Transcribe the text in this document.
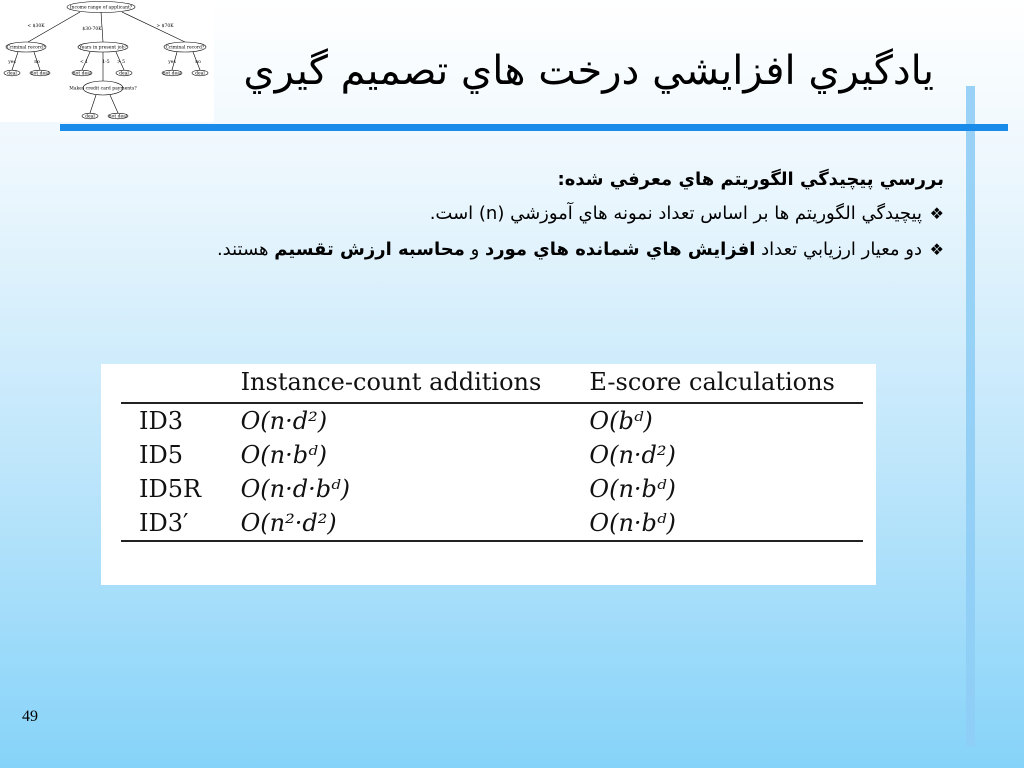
Income range of applicant?
< $30K
$30-70K
> $70K
Criminal record?	Years in present job?	Criminal record?
yes	no	< 1	1-5 > 5	yes	no
deal	not deal	not deal	deal	not deal	deal
Makes credit card payments?
deal	not deal
يادگيري افزايشي درخت هاي تصميم گيري
بررسي پيچيدگي الگوريتم هاي معرفي شده:
❖
پيچيدگي الگوريتم ها بر اساس تعداد نمونه هاي آموزشي (n) است.
❖
دو معيار ارزيابي تعداد افزايش هاي شمانده هاي مورد و محاسبه ارزش تقسيم هستند.
	Instance-count additions	E-score calculations
ID3	O(n·d²)	O(bᵈ)
ID5	O(n·bᵈ)	O(n·d²)
ID5R	O(n·d·bᵈ)	O(n·bᵈ)
ID3′	O(n²·d²)	O(n·bᵈ)
49
